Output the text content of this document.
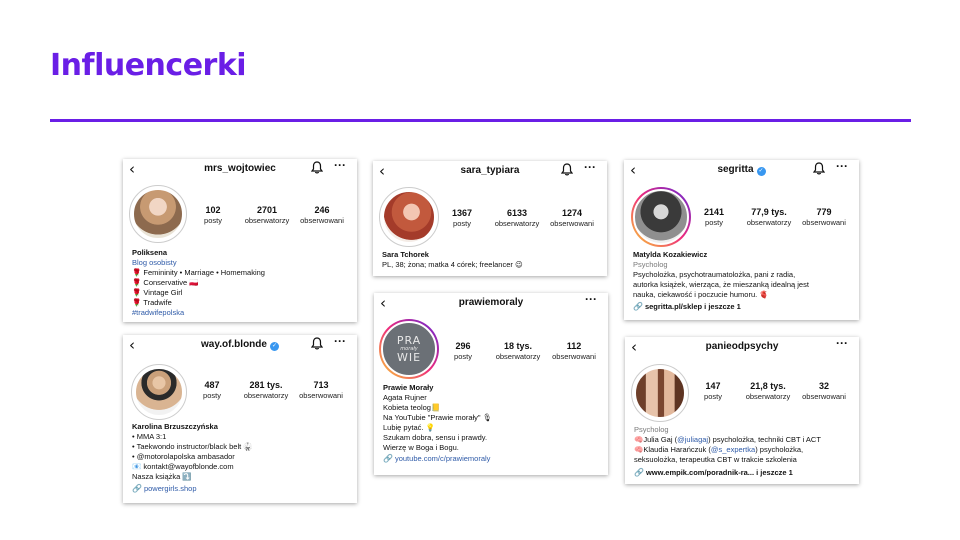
Influencerki
‹	mrs_wojtowiec	···
102
posty
2701
obserwatorzy
246
obserwowani
Poliksena
Blog osobisty
🌹 Femininity • Marriage • Homemaking
🌹 Conservative 🇵🇱
🌹 Vintage Girl
🌹 Tradwife
#tradwifepolska
‹	sara_typiara	···
1367
posty
6133
obserwatorzy
1274
obserwowani
Sara Tchorek
PL, 38; żona; matka 4 córek; freelancer 😉
‹	segritta ✓	···
2141
posty
77,9 tys.
obserwatorzy
779
obserwowani
Matylda Kozakiewicz
Psycholog
Psycholożka, psychotraumatolożka, pani z radia,
autorka książek, wierząca, że mieszanką idealną jest
nauka, ciekawość i poczucie humoru. 🫀
🔗 segritta.pl/sklep i jeszcze 1
‹	way.of.blonde ✓	···
487
posty
281 tys.
obserwatorzy
713
obserwowani
Karolina Brzuszczyńska
• MMA 3:1
• Taekwondo instructor/black belt 🥋
• @motorolapolska ambasador
📧 kontakt@wayofblonde.com
Nasza książka ⤵️
🔗 powergirls.shop
‹	prawiemoraly	···
PRA
morały
WIE
296
posty
18 tys.
obserwatorzy
112
obserwowani
Prawie Morały
Agata Rujner
Kobieta teolog📒
Na YouTubie "Prawie morały" 🎙
Lubię pytać. 💡
Szukam dobra, sensu i prawdy.
Wierzę w Boga i Bogu.
🔗 youtube.com/c/prawiemoraly
‹	panieodpsychy	···
147
posty
21,8 tys.
obserwatorzy
32
obserwowani
Psycholog
🧠Julia Gaj (@juliagaj) psycholożka, techniki CBT i ACT
🧠Klaudia Harańczuk (@s_expertka) psycholożka,
seksuolożka, terapeutka CBT w trakcie szkolenia
🔗 www.empik.com/poradnik-ra... i jeszcze 1
